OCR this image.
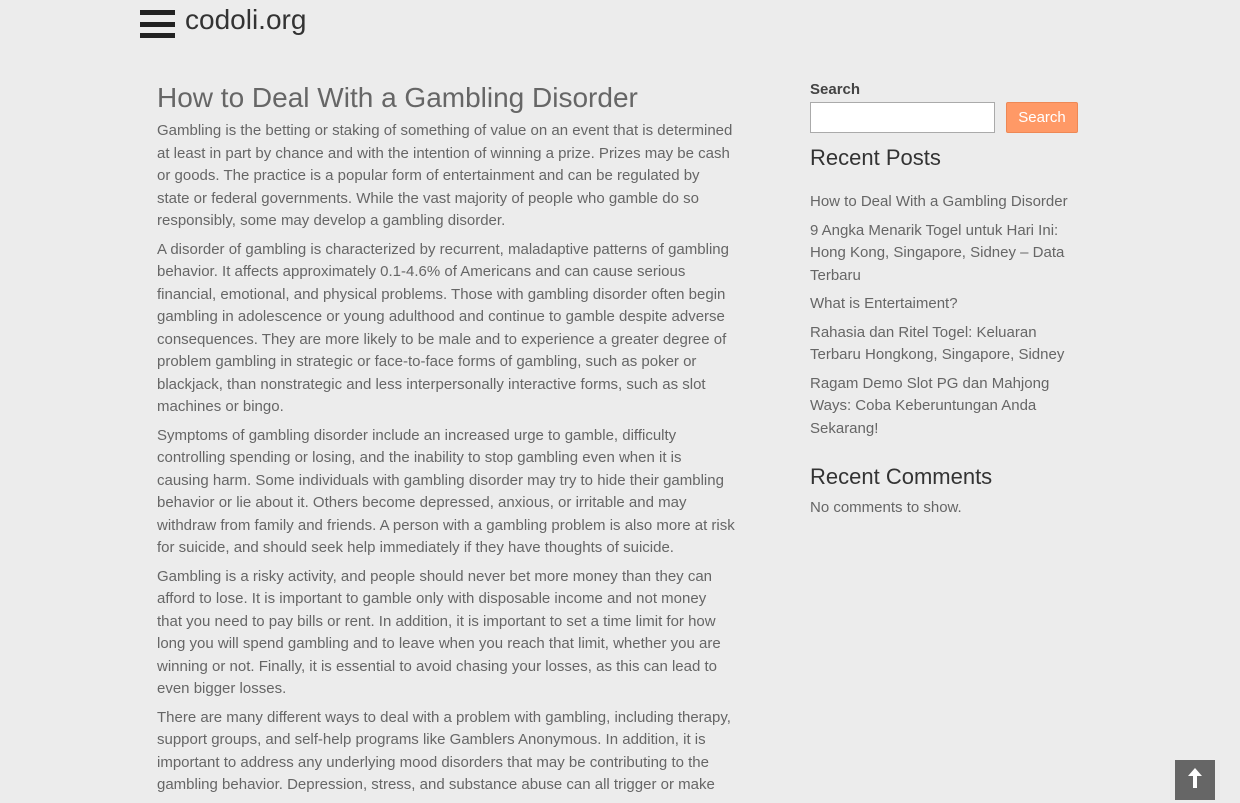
codoli.org
How to Deal With a Gambling Disorder

Gambling is the betting or staking of something of value on an event that is determined at least in part by chance and with the intention of winning a prize. Prizes may be cash or goods. The practice is a popular form of entertainment and can be regulated by state or federal governments. While the vast majority of people who gamble do so responsibly, some may develop a gambling disorder.

A disorder of gambling is characterized by recurrent, maladaptive patterns of gambling behavior. It affects approximately 0.1-4.6% of Americans and can cause serious financial, emotional, and physical problems. Those with gambling disorder often begin gambling in adolescence or young adulthood and continue to gamble despite adverse consequences. They are more likely to be male and to experience a greater degree of problem gambling in strategic or face-to-face forms of gambling, such as poker or blackjack, than nonstrategic and less interpersonally interactive forms, such as slot machines or bingo.

Symptoms of gambling disorder include an increased urge to gamble, difficulty controlling spending or losing, and the inability to stop gambling even when it is causing harm. Some individuals with gambling disorder may try to hide their gambling behavior or lie about it. Others become depressed, anxious, or irritable and may withdraw from family and friends. A person with a gambling problem is also more at risk for suicide, and should seek help immediately if they have thoughts of suicide.

Gambling is a risky activity, and people should never bet more money than they can afford to lose. It is important to gamble only with disposable income and not money that you need to pay bills or rent. In addition, it is important to set a time limit for how long you will spend gambling and to leave when you reach that limit, whether you are winning or not. Finally, it is essential to avoid chasing your losses, as this can lead to even bigger losses.

There are many different ways to deal with a problem with gambling, including therapy, support groups, and self-help programs like Gamblers Anonymous. In addition, it is important to address any underlying mood disorders that may be contributing to the gambling behavior. Depression, stress, and substance abuse can all trigger or make

Search
Search
Recent Posts
How to Deal With a Gambling Disorder
9 Angka Menarik Togel untuk Hari Ini: Hong Kong, Singapore, Sidney – Data Terbaru
What is Entertaiment?
Rahasia dan Ritel Togel: Keluaran Terbaru Hongkong, Singapore, Sidney
Ragam Demo Slot PG dan Mahjong Ways: Coba Keberuntungan Anda Sekarang!
Recent Comments
No comments to show.
